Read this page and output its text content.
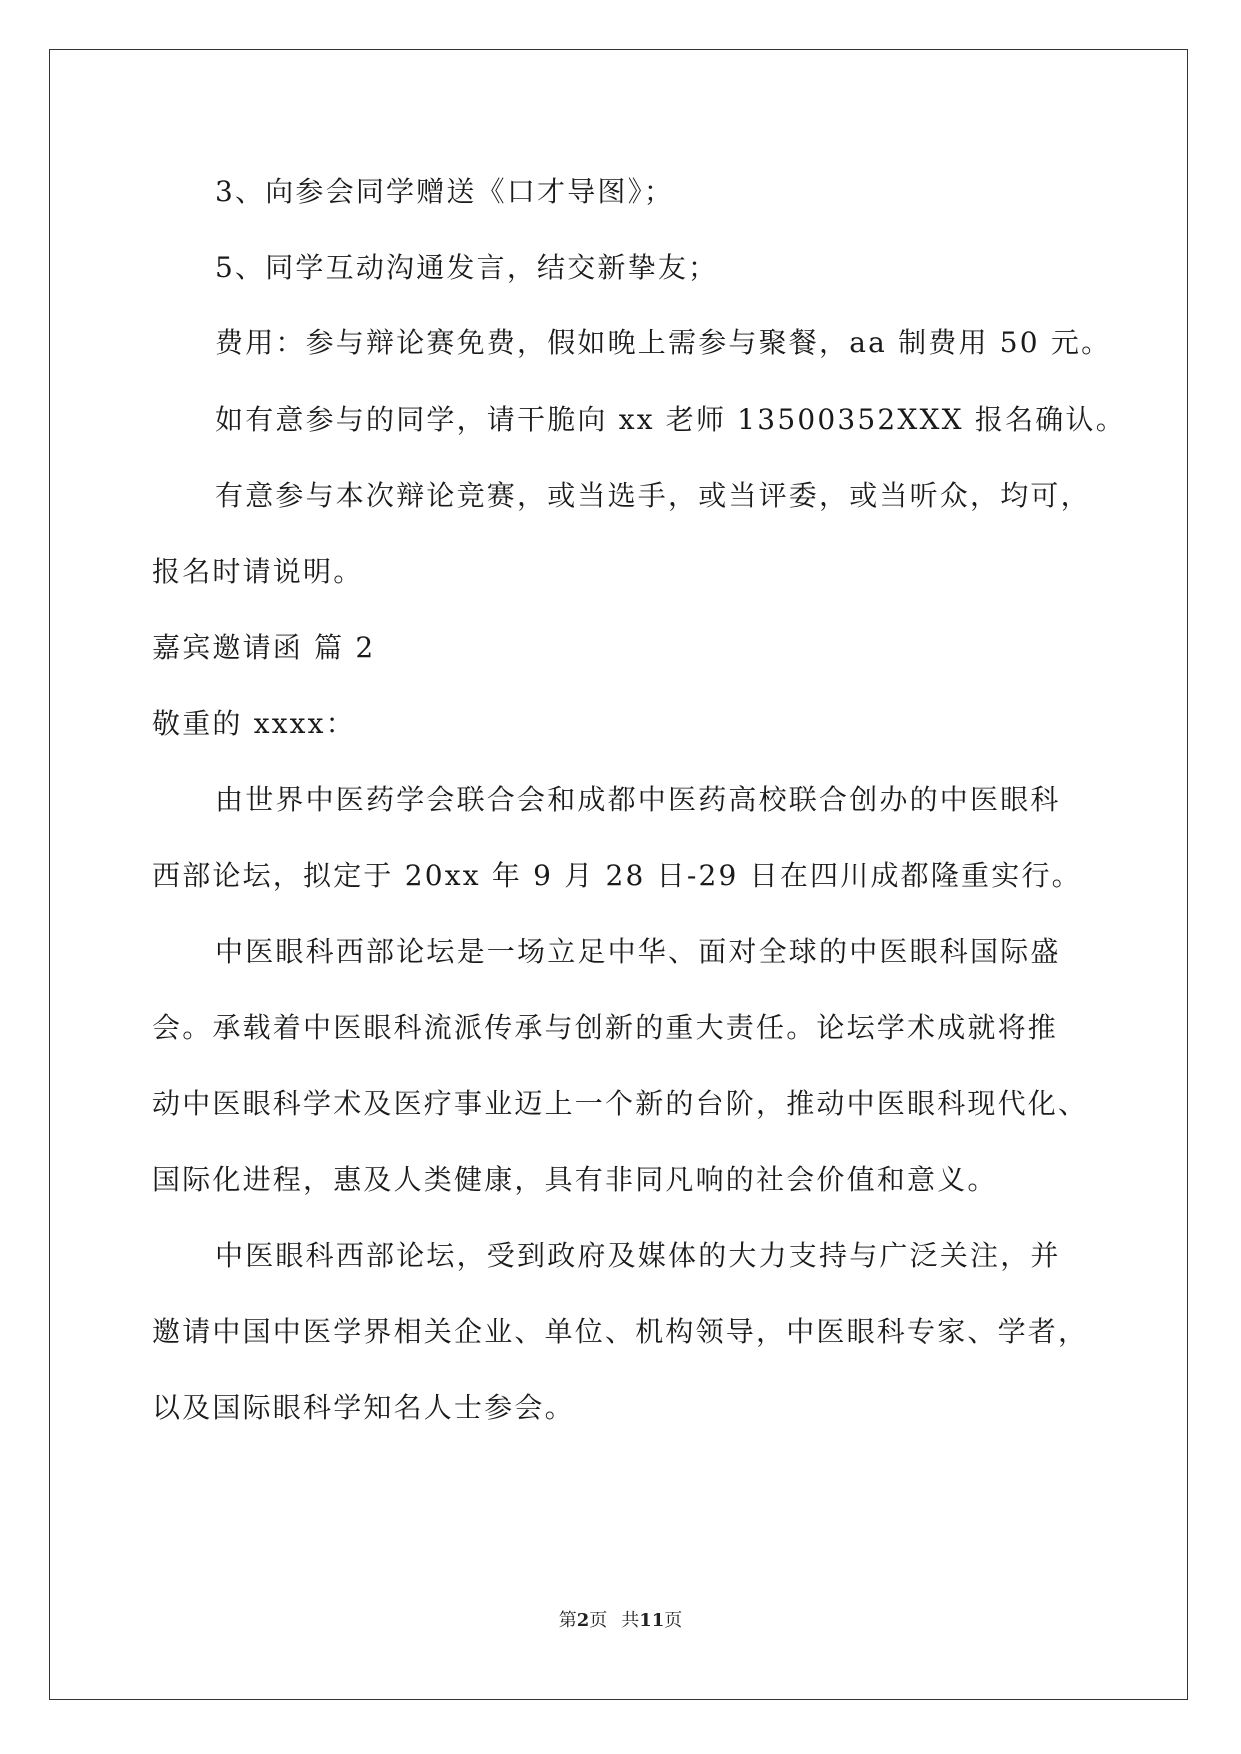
3、向参会同学赠送《口才导图》；
5、同学互动沟通发言，结交新挚友；
费用：参与辩论赛免费，假如晚上需参与聚餐，aa 制费用 50 元。
如有意参与的同学，请干脆向 xx 老师 13500352XXX 报名确认。
有意参与本次辩论竞赛，或当选手，或当评委，或当听众，均可，
报名时请说明。
嘉宾邀请函 篇 2
敬重的 xxxx：
由世界中医药学会联合会和成都中医药高校联合创办的中医眼科
西部论坛，拟定于 20xx 年 9 月 28 日-29 日在四川成都隆重实行。
中医眼科西部论坛是一场立足中华、面对全球的中医眼科国际盛
会。承载着中医眼科流派传承与创新的重大责任。论坛学术成就将推
动中医眼科学术及医疗事业迈上一个新的台阶，推动中医眼科现代化、
国际化进程，惠及人类健康，具有非同凡响的社会价值和意义。
中医眼科西部论坛，受到政府及媒体的大力支持与广泛关注，并
邀请中国中医学界相关企业、单位、机构领导，中医眼科专家、学者，
以及国际眼科学知名人士参会。
第2页 共11页
